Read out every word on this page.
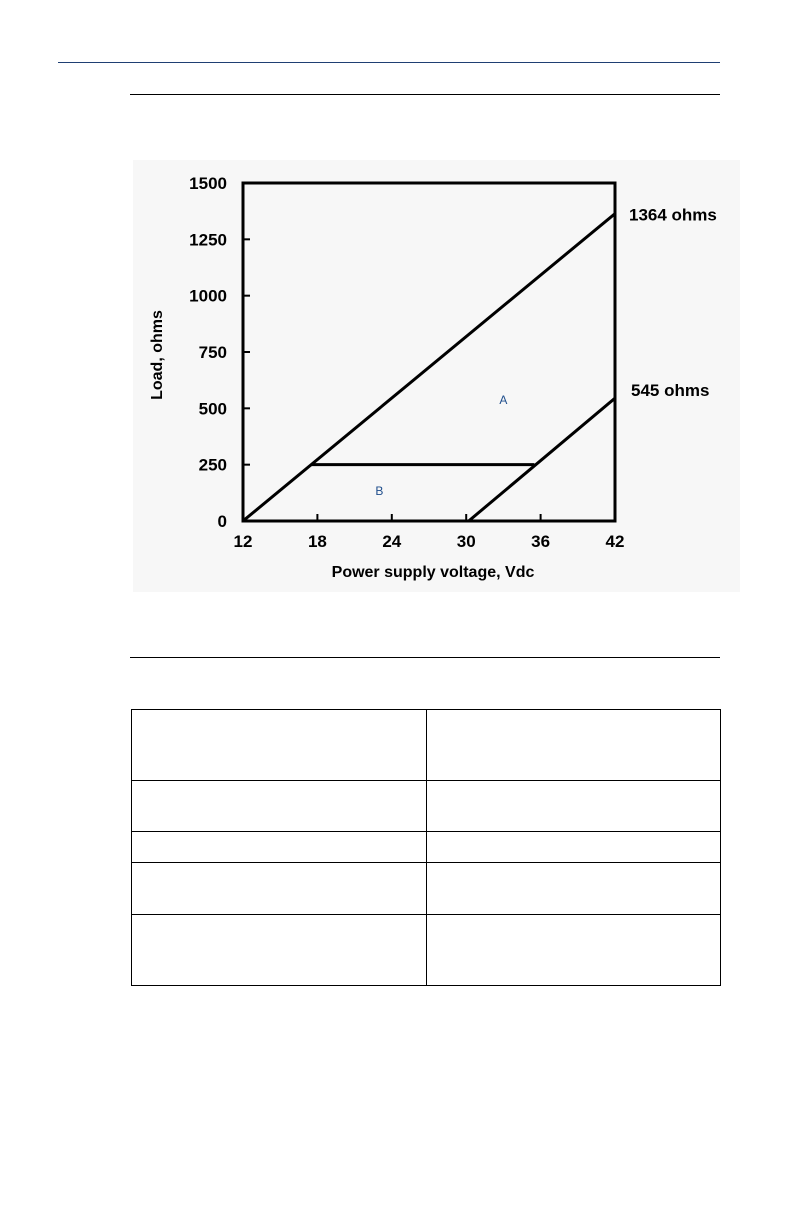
12	18	24	30	36	42
0
250
500
750
1000
1250
1500
Power supply voltage, Vdc
Load, ohms
1364 ohms
545 ohms
A
B
